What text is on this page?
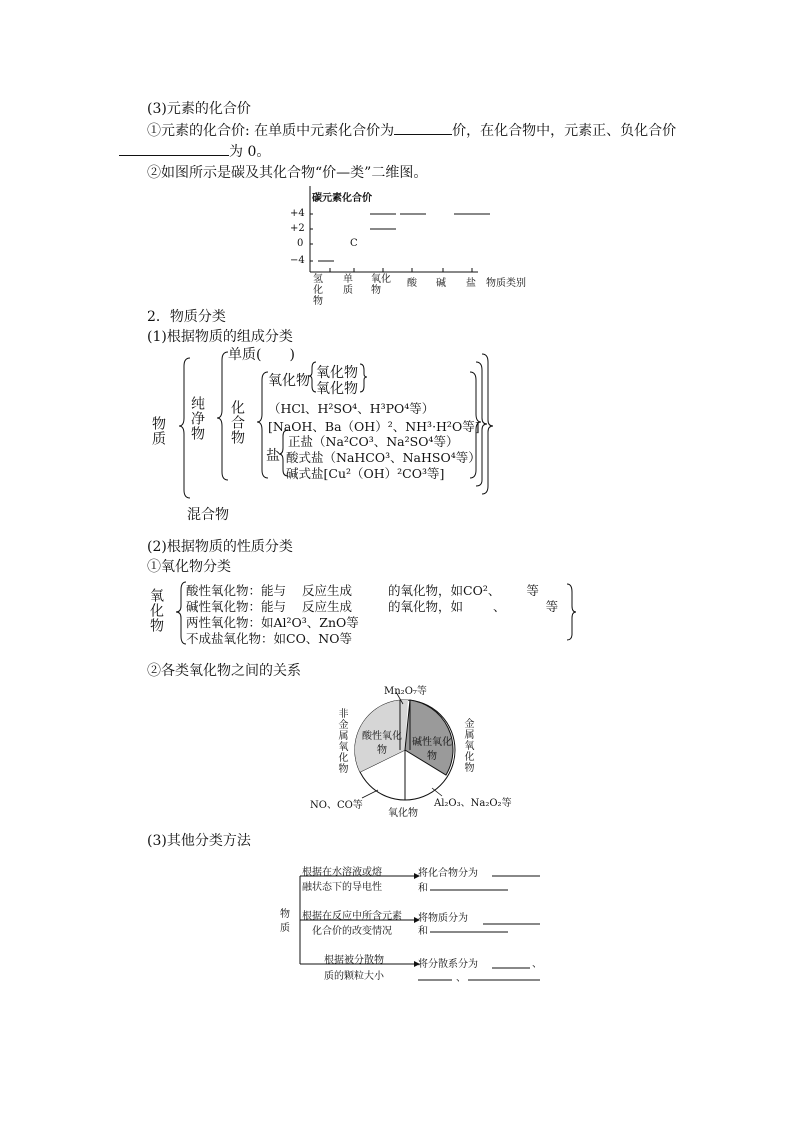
(3)元素的化合价
①元素的化合价: 在单质中元素化合价为	价，在化合物中，元素正、负化合价
为 0。
②如图所示是碳及其化合物“价—类”二维图。
碳元素化合价
+4
+2
0
−4
C
氢化物
单质
氧化物
酸 碱 盐 物质类别
2．物质分类
(1)根据物质的组成分类
物质 纯净物
单质( )
化合物
氧化物 氧化物
氧化物
（HCl、H²SO⁴、H³PO⁴等）
[NaOH、Ba（OH）²、NH³·H²O等]
盐
正盐（Na²CO³、Na²SO⁴等）
酸式盐（NaHCO³、NaHSO⁴等）
碱式盐[Cu²（OH）²CO³等]
混合物
(2)根据物质的性质分类
①氧化物分类
氧化物 酸性氧化物：能与 反应生成	的氧化物，如CO²、 等
碱性氧化物：能与 反应生成	的氧化物，如 、	等
两性氧化物：如Al²O³、ZnO等
不成盐氧化物：如CO、NO等
②各类氧化物之间的关系
Mn₂O₇等
非金属氧化物	金属氧化物
酸性氧化物
碱性氧化物
NO、CO等	Al₂O₃、Na₂O₂等
氧化物
(3)其他分类方法
物质
根据在水溶液或熔
融状态下的导电性
将化合物分为
和
根据在反应中所含元素
化合价的改变情况
将物质分为
和
根据被分散物
质的颗粒大小
将分散系分为	、
、
